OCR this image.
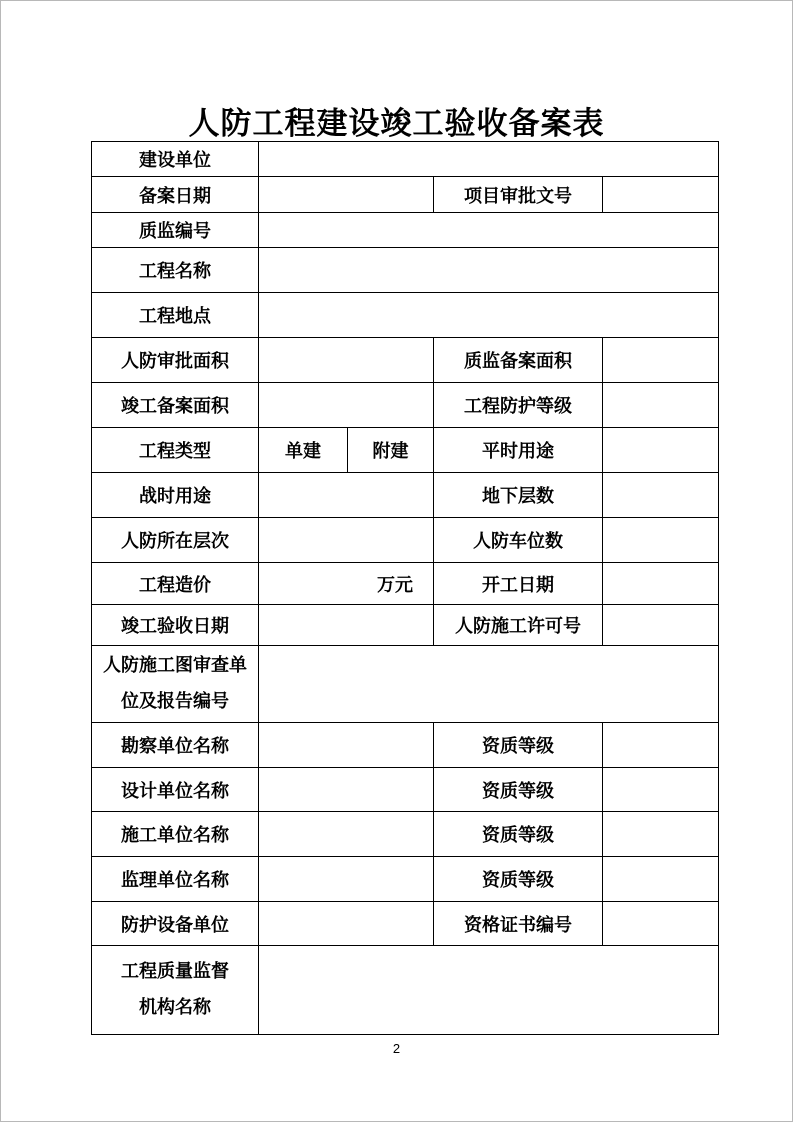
人防工程建设竣工验收备案表
建设单位				
备案日期			项目审批文号	
质监编号				
工程名称				
工程地点				
人防审批面积			质监备案面积	
竣工备案面积			工程防护等级	
工程类型	单建	附建	平时用途	
战时用途			地下层数	
人防所在层次			人防车位数	
工程造价	万元		开工日期	
竣工验收日期			人防施工许可号	

人防施工图审查单
位及报告编号				

勘察单位名称			资质等级	
设计单位名称			资质等级	
施工单位名称			资质等级	
监理单位名称			资质等级	
防护设备单位			资格证书编号	

工程质量监督
机构名称				

2
